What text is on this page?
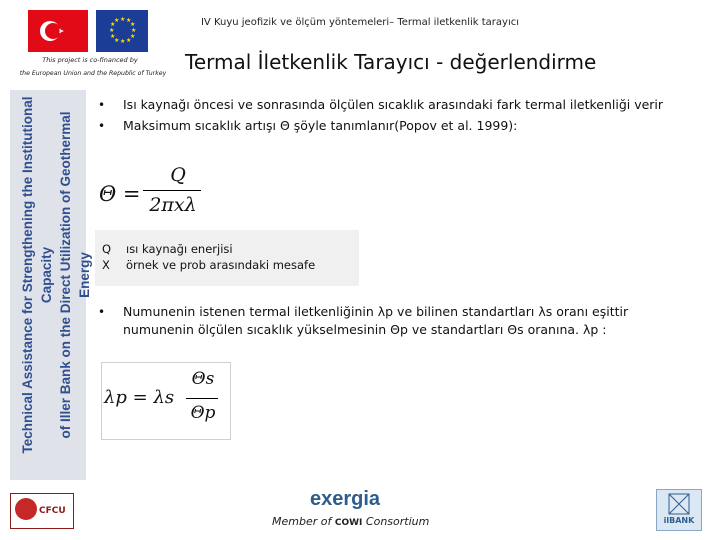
★ ★
★
★
★
★
★
★
★
★
★
★
This project is co-financed by
the European Union and the Republic of Turkey
IV Kuyu jeofizik ve ölçüm yöntemeleri– Termal iletkenlik tarayıcı
Termal İletkenlik Tarayıcı - değerlendirme
Technical Assistance for Strengthening the Institutional Capacity of Iller Bank on the Direct Utilization of Geothermal Energy
• Isı kaynağı öncesi ve sonrasında ölçülen sıcaklık arasındaki fark termal iletkenliği verir
• Maksimum sıcaklık artışı Θ şöyle tanımlanır(Popov et al. 1999):
Θ =
Q
2πxλ
Q ısı kaynağı enerjisi
X örnek ve prob arasındaki mesafe
• Numunenin istenen termal iletkenliğinin λp ve bilinen standartları λs oranı eşittir
numunenin ölçülen sıcaklık yükselmesinin Θp ve standartları Θs oranına. λp :
λp = λs
Θs
Θp
CFCU
exergia
Member of COWI Consortium	ilBANK
